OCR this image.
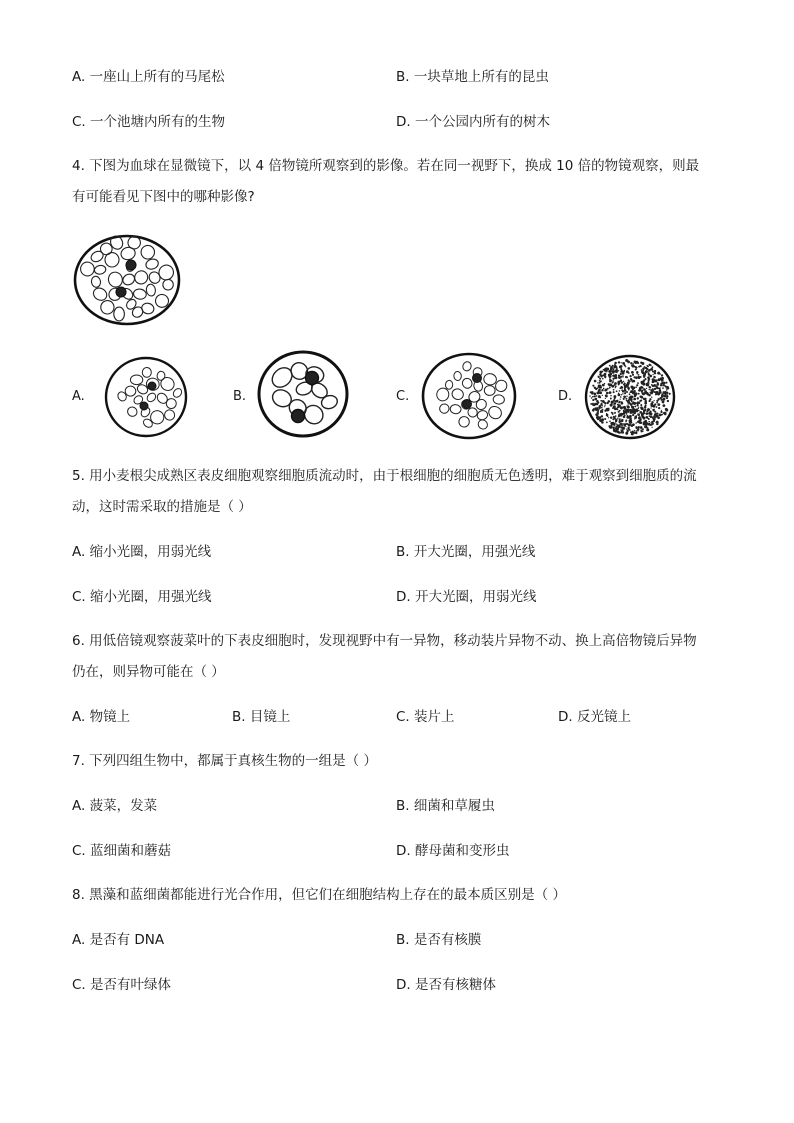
A. 一座山上所有的马尾松	B. 一块草地上所有的昆虫
C. 一个池塘内所有的生物	D. 一个公园内所有的树木
4. 下图为血球在显微镜下，以 4 倍物镜所观察到的影像。若在同一视野下，换成 10 倍的物镜观察，则最
有可能看见下图中的哪种影像?
A.	B.	C.	D.
5. 用小麦根尖成熟区表皮细胞观察细胞质流动时，由于根细胞的细胞质无色透明，难于观察到细胞质的流
动，这时需采取的措施是（ ）
A. 缩小光圈，用弱光线	B. 开大光圈，用强光线
C. 缩小光圈，用强光线	D. 开大光圈，用弱光线
6. 用低倍镜观察菠菜叶的下表皮细胞时，发现视野中有一异物，移动装片异物不动、换上高倍物镜后异物
仍在，则异物可能在（ ）
A. 物镜上	B. 目镜上	C. 装片上	D. 反光镜上
7. 下列四组生物中，都属于真核生物的一组是（ ）
A. 菠菜，发菜	B. 细菌和草履虫
C. 蓝细菌和蘑菇	D. 酵母菌和变形虫
8. 黑藻和蓝细菌都能进行光合作用，但它们在细胞结构上存在的最本质区别是（ ）
A. 是否有 DNA	B. 是否有核膜
C. 是否有叶绿体	D. 是否有核糖体
